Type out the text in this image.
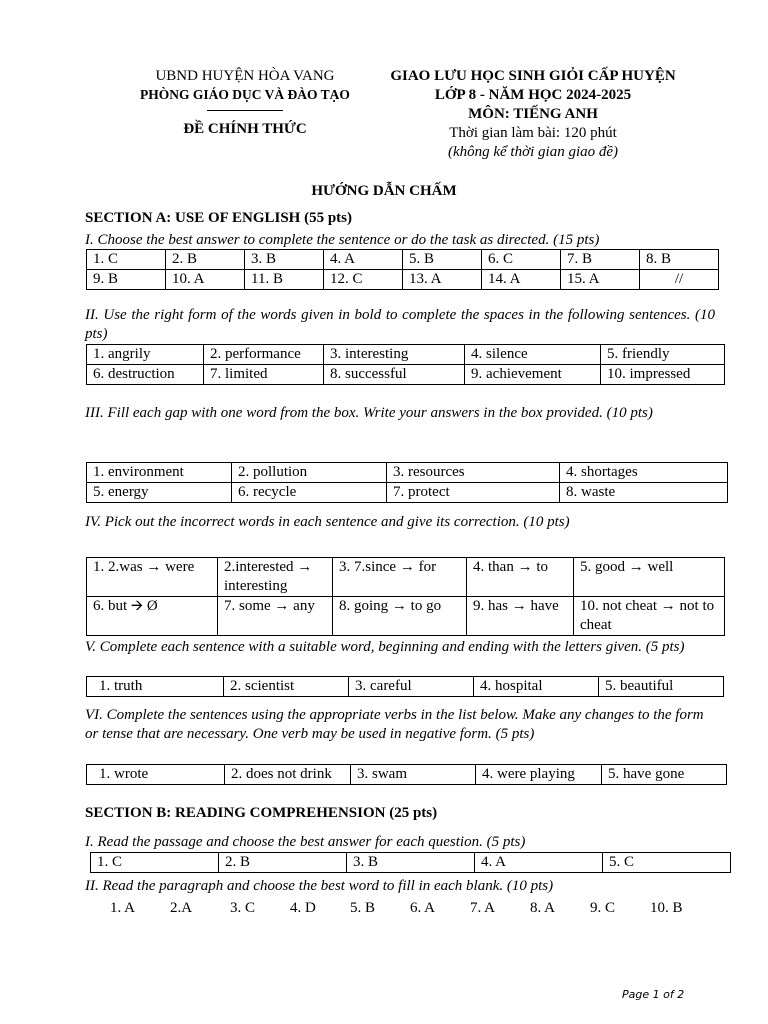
UBND HUYỆN HÒA VANG
PHÒNG GIÁO DỤC VÀ ĐÀO TẠO
ĐỀ CHÍNH THỨC
GIAO LƯU HỌC SINH GIỎI CẤP HUYỆN
LỚP 8 - NĂM HỌC 2024-2025
MÔN: TIẾNG ANH
Thời gian làm bài: 120 phút
(không kể thời gian giao đề)
HƯỚNG DẪN CHẤM
SECTION A: USE OF ENGLISH (55 pts)
I. Choose the best answer to complete the sentence or do the task as directed. (15 pts)
1. C	2. B	3. B	4. A	5. B	6. C	7. B	8. B
9. B	10. A	11. B	12. C	13. A	14. A	15. A	//
II. Use the right form of the words given in bold to complete the spaces in the following sentences. (10 pts)
1. angrily	2. performance	3. interesting	4. silence	5. friendly
6. destruction	7. limited	8. successful	9. achievement	10. impressed
III. Fill each gap with one word from the box. Write your answers in the box provided. (10 pts)
1. environment	2. pollution	3. resources	4. shortages
5. energy	6. recycle	7. protect	8. waste
IV. Pick out the incorrect words in each sentence and give its correction. (10 pts)
1. 2.was → were	2.interested → interesting	3. 7.since → for	4. than → to	5. good → well
6. but 🡪 Ø	7. some → any	8. going → to go	9. has → have	10. not cheat → not to cheat
V. Complete each sentence with a suitable word, beginning and ending with the letters given. (5 pts)
1. truth	2. scientist	3. careful	4. hospital	5. beautiful
VI. Complete the sentences using the appropriate verbs in the list below. Make any changes to the form or tense that are necessary. One verb may be used in negative form. (5 pts)
1. wrote	2. does not drink	3. swam	4. were playing	5. have gone
SECTION B: READING COMPREHENSION (25 pts)
I. Read the passage and choose the best answer for each question. (5 pts)
1. C	2. B	3. B	4. A	5. C
II. Read the paragraph and choose the best word to fill in each blank. (10 pts)
1. A	2.A	3. C	4. D	5. B	6. A	7. A	8. A	9. C	10. B
Page 1 of 2
